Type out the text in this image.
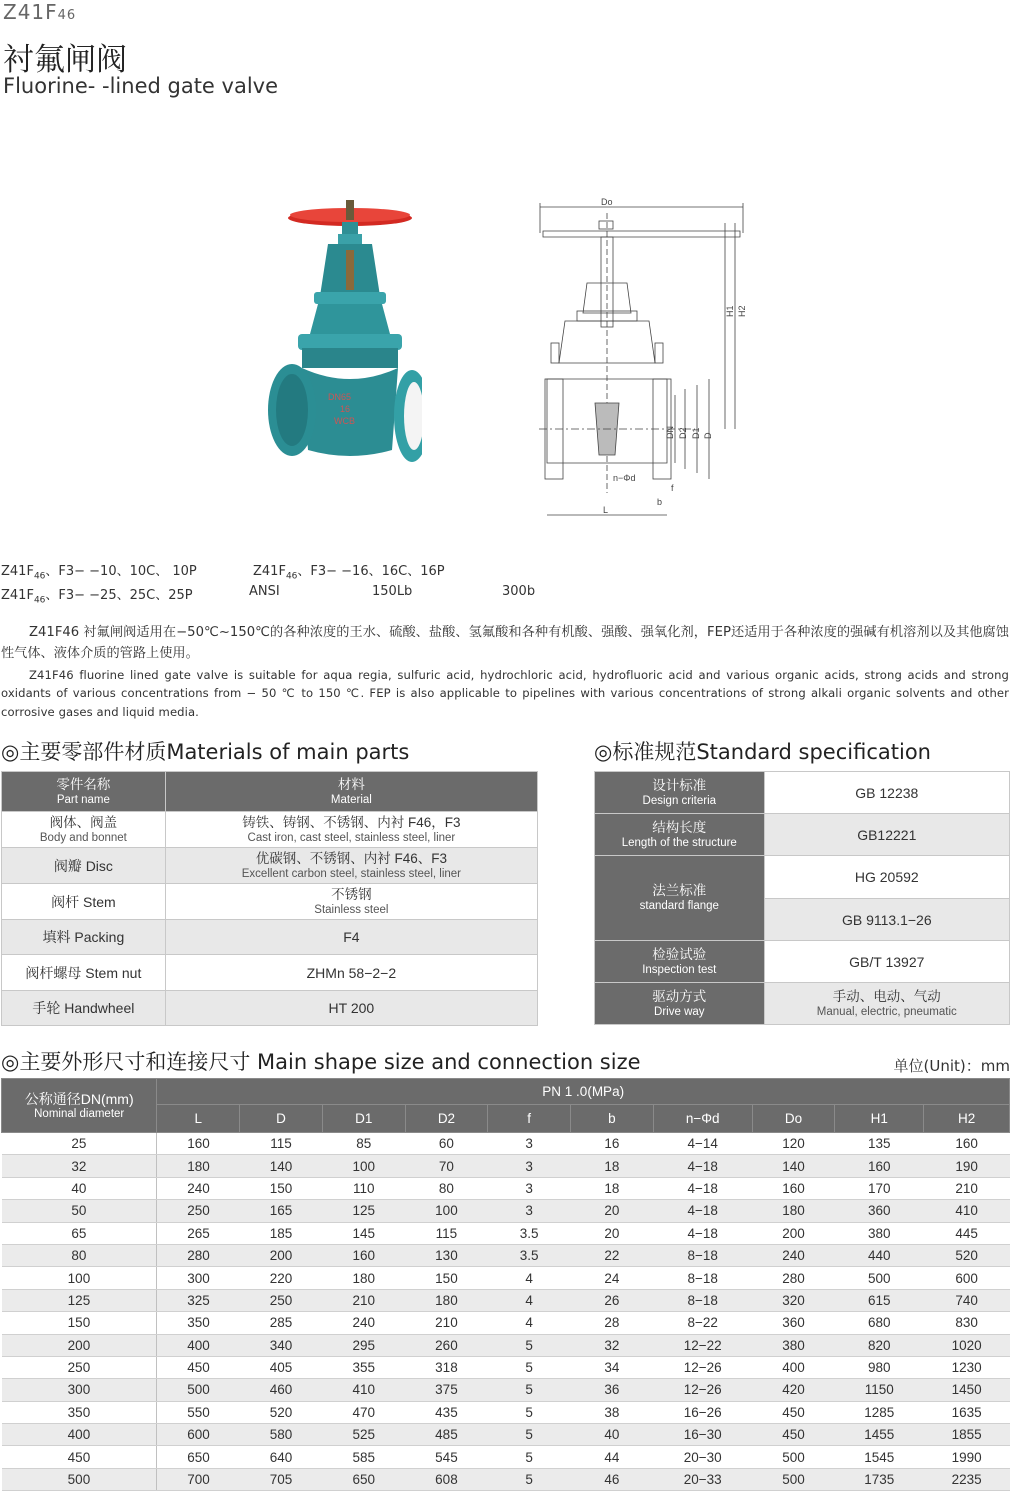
Z41F46
衬氟闸阀
Fluorine- -lined gate valve
DN65
16
WCB
Do
H1 H2
DN D2 D1 D
n−Φd
f
b
L
$Z41F_{46}$、F3− −10、10C、 10P	$Z41F_{46}$、F3− −16、16C、16P
$Z41F_{46}$、F3− −25、25C、25P	ANSI	150Lb	300b
Z41F46 衬氟闸阀适用在−50℃~150℃的各种浓度的王水、硫酸、盐酸、氢氟酸和各种有机酸、强酸、强氧化剂，FEP还适用于各种浓度的强碱有机溶剂以及其他腐蚀性气体、液体介质的管路上使用。
Z41F46 fluorine lined gate valve is suitable for aqua regia, sulfuric acid, hydrochloric acid, hydrofluoric acid and various organic acids, strong acids and strong oxidants of various concentrations from − 50 ℃ to 150 ℃. FEP is also applicable to pipelines with various concentrations of strong alkali organic solvents and other corrosive gases and liquid media.
◎主要零部件材质Materials of main parts
零件名称
Part name	材料
Material

阀体、阀盖
Body and bonnet	铸铁、铸钢、不锈钢、内衬 F46，F3
Cast iron, cast steel, stainless steel, liner

阀瓣 Disc	优碳钢、不锈钢、内衬 F46、F3
Excellent carbon steel, stainless steel, liner

阀杆 Stem	不锈钢
Stainless steel

填料 Packing	F4
阀杆螺母 Stem nut	ZHMn 58−2−2
手轮 Handwheel	HT 200
◎标准规范Standard specification
设计标准
Design criteria	GB 12238

结构长度
Length of the structure	GB12221

法兰标准
standard flange	HG 20592
	GB 9113.1−26

检验试验
Inspection test	GB/T 13927

驱动方式
Drive way	手动、电动、气动
Manual, electric, pneumatic
◎主要外形尺寸和连接尺寸 Main shape size and connection size	单位(Unit)：mm
公称通径DN(mm)
Nominal diameter	PN 1 .0(MPa)									
	L	D	D1	D2	f	b	n−Φd	Do	H1	H2
25	160	115	85	60	3	16	4−14	120	135	160
32	180	140	100	70	3	18	4−18	140	160	190
40	240	150	110	80	3	18	4−18	160	170	210
50	250	165	125	100	3	20	4−18	180	360	410
65	265	185	145	115	3.5	20	4−18	200	380	445
80	280	200	160	130	3.5	22	8−18	240	440	520
100	300	220	180	150	4	24	8−18	280	500	600
125	325	250	210	180	4	26	8−18	320	615	740
150	350	285	240	210	4	28	8−22	360	680	830
200	400	340	295	260	5	32	12−22	380	820	1020
250	450	405	355	318	5	34	12−26	400	980	1230
300	500	460	410	375	5	36	12−26	420	1150	1450
350	550	520	470	435	5	38	16−26	450	1285	1635
400	600	580	525	485	5	40	16−30	450	1455	1855
450	650	640	585	545	5	44	20−30	500	1545	1990
500	700	705	650	608	5	46	20−33	500	1735	2235
